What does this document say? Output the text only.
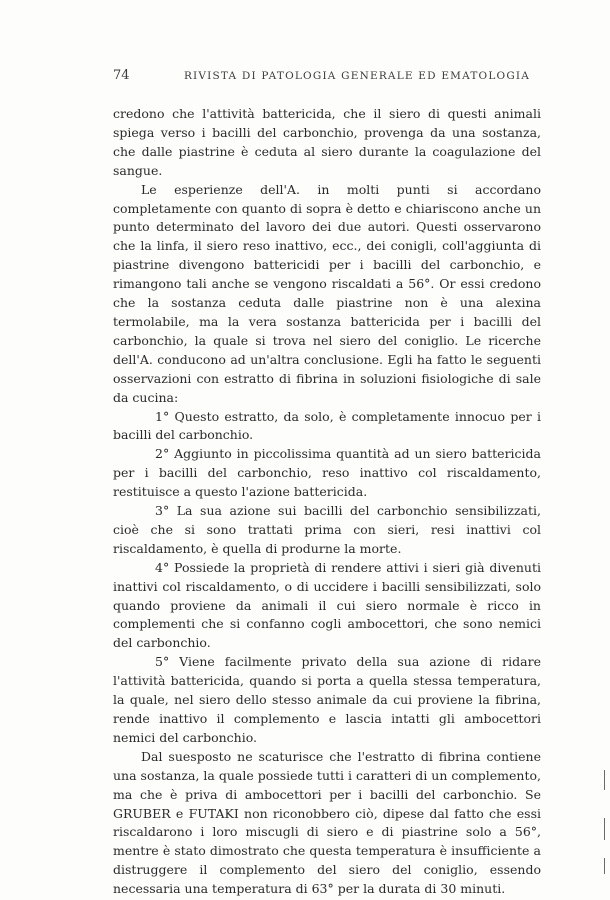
74	RIVISTA DI PATOLOGIA GENERALE ED EMATOLOGIA

credono che l'attività battericida, che il siero di questi animali spiega verso i bacilli del carbonchio, provenga da una sostanza, che dalle piastrine è ceduta al siero durante la coagulazione del sangue.

Le esperienze dell'A. in molti punti si accordano completamente con quanto di sopra è detto e chiariscono anche un punto determinato del lavoro dei due autori. Questi osservarono che la linfa, il siero reso inattivo, ecc., dei conigli, coll'aggiunta di piastrine divengono battericidi per i bacilli del carbonchio, e rimangono tali anche se vengono riscaldati a 56°. Or essi credono che la sostanza ceduta dalle piastrine non è una alexina termolabile, ma la vera sostanza battericida per i bacilli del carbonchio, la quale si trova nel siero del coniglio. Le ricerche dell'A. conducono ad un'altra conclusione. Egli ha fatto le seguenti osservazioni con estratto di fibrina in soluzioni fisiologiche di sale da cucina:

1° Questo estratto, da solo, è completamente innocuo per i bacilli del carbonchio.

2° Aggiunto in piccolissima quantità ad un siero battericida per i bacilli del carbonchio, reso inattivo col riscaldamento, restituisce a questo l'azione battericida.

3° La sua azione sui bacilli del carbonchio sensibilizzati, cioè che si sono trattati prima con sieri, resi inattivi col riscaldamento, è quella di produrne la morte.

4° Possiede la proprietà di rendere attivi i sieri già divenuti inattivi col riscaldamento, o di uccidere i bacilli sensibilizzati, solo quando proviene da animali il cui siero normale è ricco in complementi che si confanno cogli ambocettori, che sono nemici del carbonchio.

5° Viene facilmente privato della sua azione di ridare l'attività battericida, quando si porta a quella stessa temperatura, la quale, nel siero dello stesso animale da cui proviene la fibrina, rende inattivo il complemento e lascia intatti gli ambocettori nemici del carbonchio.

Dal suesposto ne scaturisce che l'estratto di fibrina contiene una sostanza, la quale possiede tutti i caratteri di un complemento, ma che è priva di ambocettori per i bacilli del carbonchio. Se GRUBER e FUTAKI non riconobbero ciò, dipese dal fatto che essi riscaldarono i loro miscugli di siero e di piastrine solo a 56°, mentre è stato dimostrato che questa temperatura è insufficiente a distruggere il complemento del siero del coniglio, essendo necessaria una temperatura di 63° per la durata di 30 minuti.
